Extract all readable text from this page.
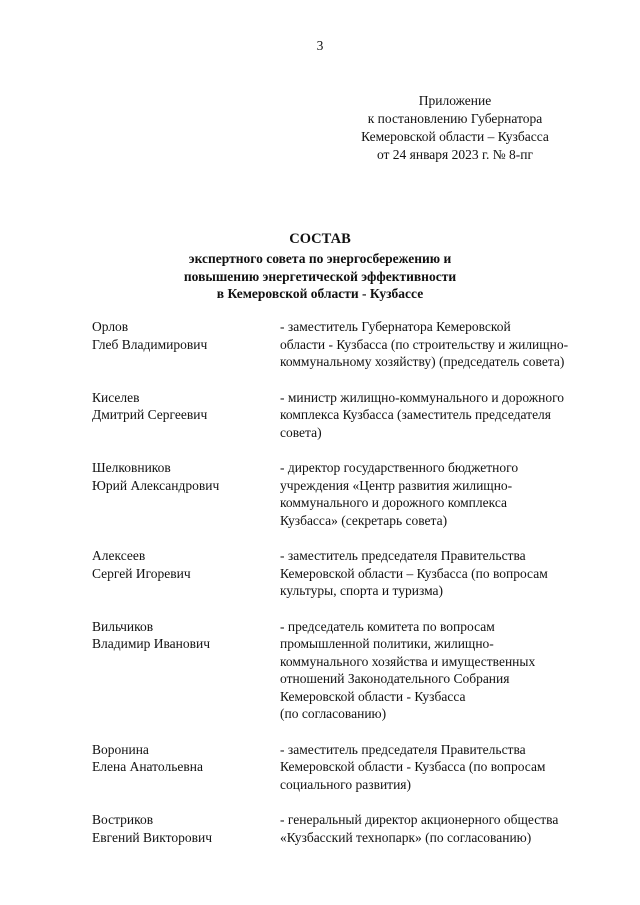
3
Приложение
к постановлению Губернатора
Кемеровской области – Кузбасса
от 24 января 2023 г. № 8-пг
СОСТАВ
экспертного совета по энергосбережению и
повышению энергетической эффективности
в Кемеровской области - Кузбассе
Орлов
Глеб Владимирович
- заместитель Губернатора Кемеровской
области - Кузбасса (по строительству и жилищно-
коммунальному хозяйству) (председатель совета)
Киселев
Дмитрий Сергеевич
- министр жилищно-коммунального и дорожного
комплекса Кузбасса (заместитель председателя
совета)
Шелковников
Юрий Александрович
- директор государственного бюджетного
учреждения «Центр развития жилищно-
коммунального и дорожного комплекса
Кузбасса» (секретарь совета)
Алексеев
Сергей Игоревич
- заместитель председателя Правительства
Кемеровской области – Кузбасса (по вопросам
культуры, спорта и туризма)
Вильчиков
Владимир Иванович
- председатель комитета по вопросам
промышленной политики, жилищно-
коммунального хозяйства и имущественных
отношений Законодательного Собрания
Кемеровской области - Кузбасса
(по согласованию)
Воронина
Елена Анатольевна
- заместитель председателя Правительства
Кемеровской области - Кузбасса (по вопросам
социального развития)
Востриков
Евгений Викторович
- генеральный директор акционерного общества
«Кузбасский технопарк» (по согласованию)
